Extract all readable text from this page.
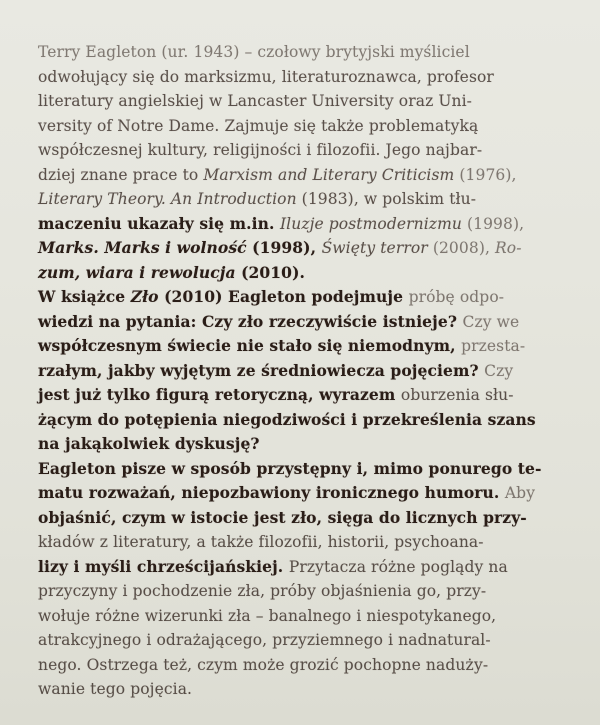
Terry Eagleton (ur. 1943) – czołowy brytyjski myśliciel
odwołujący się do marksizmu, literaturoznawca, profesor
literatury angielskiej w Lancaster University oraz Uni-
versity of Notre Dame. Zajmuje się także problematyką
współczesnej kultury, religijności i filozofii. Jego najbar-
dziej znane prace to Marxism and Literary Criticism (1976),
Literary Theory. An Introduction (1983), w polskim tłu-
maczeniu ukazały się m.in. Iluzje postmodernizmu (1998),
Marks. Marks i wolność (1998), Święty terror (2008), Ro-
zum, wiara i rewolucja (2010).
W książce Zło (2010) Eagleton podejmuje próbę odpo-
wiedzi na pytania: Czy zło rzeczywiście istnieje? Czy we
współczesnym świecie nie stało się niemodnym, przesta-
rzałym, jakby wyjętym ze średniowiecza pojęciem? Czy
jest już tylko figurą retoryczną, wyrazem oburzenia słu-
żącym do potępienia niegodziwości i przekreślenia szans
na jakąkolwiek dyskusję?
Eagleton pisze w sposób przystępny i, mimo ponurego te-
matu rozważań, niepozbawiony ironicznego humoru. Aby
objaśnić, czym w istocie jest zło, sięga do licznych przy-
kładów z literatury, a także filozofii, historii, psychoana-
lizy i myśli chrześcijańskiej. Przytacza różne poglądy na
przyczyny i pochodzenie zła, próby objaśnienia go, przy-
wołuje różne wizerunki zła – banalnego i niespotykanego,
atrakcyjnego i odrażającego, przyziemnego i nadnatural-
nego. Ostrzega też, czym może grozić pochopne nadużу-
wanie tego pojęcia.
